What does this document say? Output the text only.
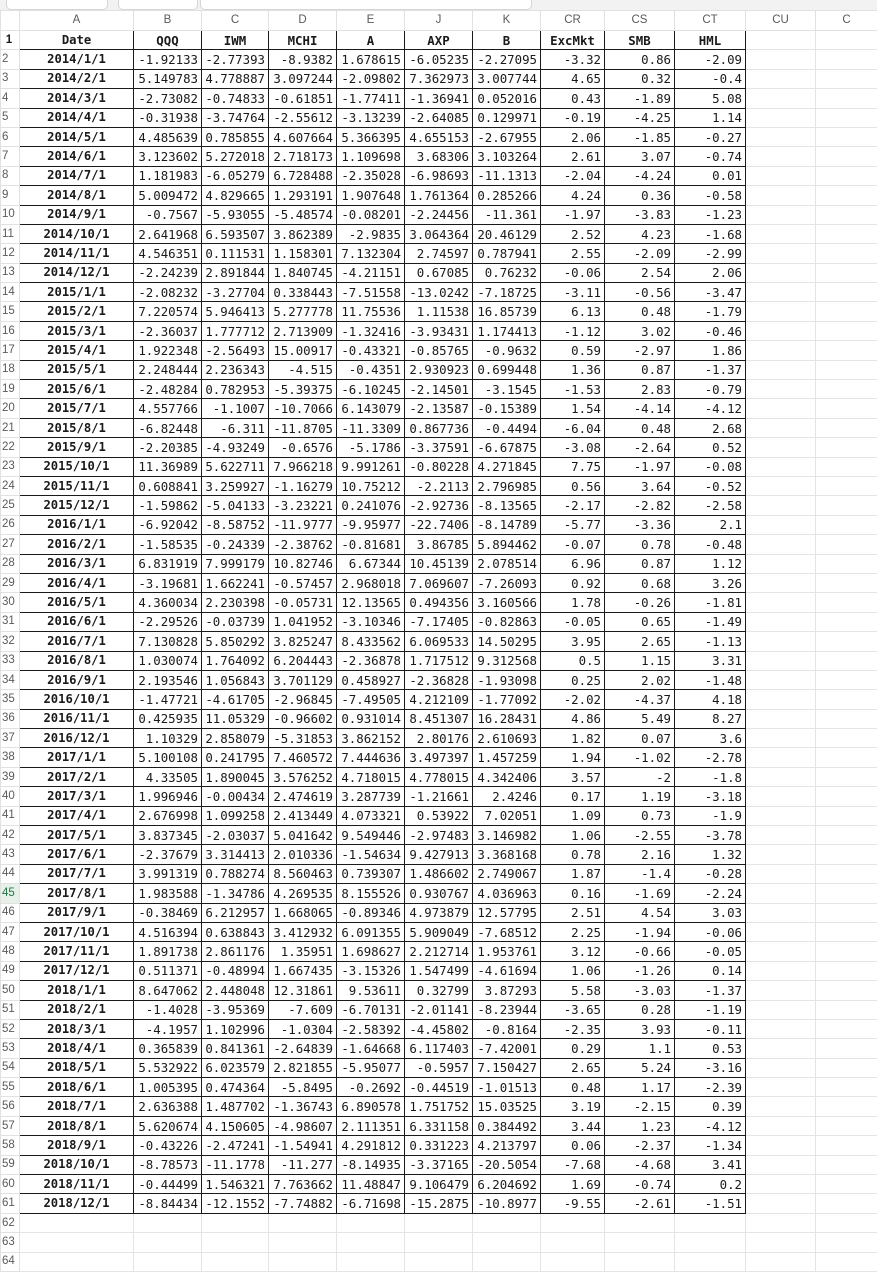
	A	B	C	D	E	J	K	CR	CS	CT	CU	C
1	Date	QQQ	IWM	MCHI	A	AXP	B	ExcMkt	SMB	HML		
2	2014/1/1	-1.92133	-2.77393	-8.9382	1.678615	-6.05235	-2.27095	-3.32	0.86	-2.09		
3	2014/2/1	5.149783	4.778887	3.097244	-2.09802	7.362973	3.007744	4.65	0.32	-0.4		
4	2014/3/1	-2.73082	-0.74833	-0.61851	-1.77411	-1.36941	0.052016	0.43	-1.89	5.08		
5	2014/4/1	-0.31938	-3.74764	-2.55612	-3.13239	-2.64085	0.129971	-0.19	-4.25	1.14		
6	2014/5/1	4.485639	0.785855	4.607664	5.366395	4.655153	-2.67955	2.06	-1.85	-0.27		
7	2014/6/1	3.123602	5.272018	2.718173	1.109698	3.68306	3.103264	2.61	3.07	-0.74		
8	2014/7/1	1.181983	-6.05279	6.728488	-2.35028	-6.98693	-11.1313	-2.04	-4.24	0.01		
9	2014/8/1	5.009472	4.829665	1.293191	1.907648	1.761364	0.285266	4.24	0.36	-0.58		
10	2014/9/1	-0.7567	-5.93055	-5.48574	-0.08201	-2.24456	-11.361	-1.97	-3.83	-1.23		
11	2014/10/1	2.641968	6.593507	3.862389	-2.9835	3.064364	20.46129	2.52	4.23	-1.68		
12	2014/11/1	4.546351	0.111531	1.158301	7.132304	2.74597	0.787941	2.55	-2.09	-2.99		
13	2014/12/1	-2.24239	2.891844	1.840745	-4.21151	0.67085	0.76232	-0.06	2.54	2.06		
14	2015/1/1	-2.08232	-3.27704	0.338443	-7.51558	-13.0242	-7.18725	-3.11	-0.56	-3.47		
15	2015/2/1	7.220574	5.946413	5.277778	11.75536	1.11538	16.85739	6.13	0.48	-1.79		
16	2015/3/1	-2.36037	1.777712	2.713909	-1.32416	-3.93431	1.174413	-1.12	3.02	-0.46		
17	2015/4/1	1.922348	-2.56493	15.00917	-0.43321	-0.85765	-0.9632	0.59	-2.97	1.86		
18	2015/5/1	2.248444	2.236343	-4.515	-0.4351	2.930923	0.699448	1.36	0.87	-1.37		
19	2015/6/1	-2.48284	0.782953	-5.39375	-6.10245	-2.14501	-3.1545	-1.53	2.83	-0.79		
20	2015/7/1	4.557766	-1.1007	-10.7066	6.143079	-2.13587	-0.15389	1.54	-4.14	-4.12		
21	2015/8/1	-6.82448	-6.311	-11.8705	-11.3309	0.867736	-0.4494	-6.04	0.48	2.68		
22	2015/9/1	-2.20385	-4.93249	-0.6576	-5.1786	-3.37591	-6.67875	-3.08	-2.64	0.52		
23	2015/10/1	11.36989	5.622711	7.966218	9.991261	-0.80228	4.271845	7.75	-1.97	-0.08		
24	2015/11/1	0.608841	3.259927	-1.16279	10.75212	-2.2113	2.796985	0.56	3.64	-0.52		
25	2015/12/1	-1.59862	-5.04133	-3.23221	0.241076	-2.92736	-8.13565	-2.17	-2.82	-2.58		
26	2016/1/1	-6.92042	-8.58752	-11.9777	-9.95977	-22.7406	-8.14789	-5.77	-3.36	2.1		
27	2016/2/1	-1.58535	-0.24339	-2.38762	-0.81681	3.86785	5.894462	-0.07	0.78	-0.48		
28	2016/3/1	6.831919	7.999179	10.82746	6.67344	10.45139	2.078514	6.96	0.87	1.12		
29	2016/4/1	-3.19681	1.662241	-0.57457	2.968018	7.069607	-7.26093	0.92	0.68	3.26		
30	2016/5/1	4.360034	2.230398	-0.05731	12.13565	0.494356	3.160566	1.78	-0.26	-1.81		
31	2016/6/1	-2.29526	-0.03739	1.041952	-3.10346	-7.17405	-0.82863	-0.05	0.65	-1.49		
32	2016/7/1	7.130828	5.850292	3.825247	8.433562	6.069533	14.50295	3.95	2.65	-1.13		
33	2016/8/1	1.030074	1.764092	6.204443	-2.36878	1.717512	9.312568	0.5	1.15	3.31		
34	2016/9/1	2.193546	1.056843	3.701129	0.458927	-2.36828	-1.93098	0.25	2.02	-1.48		
35	2016/10/1	-1.47721	-4.61705	-2.96845	-7.49505	4.212109	-1.77092	-2.02	-4.37	4.18		
36	2016/11/1	0.425935	11.05329	-0.96602	0.931014	8.451307	16.28431	4.86	5.49	8.27		
37	2016/12/1	1.10329	2.858079	-5.31853	3.862152	2.80176	2.610693	1.82	0.07	3.6		
38	2017/1/1	5.100108	0.241795	7.460572	7.444636	3.497397	1.457259	1.94	-1.02	-2.78		
39	2017/2/1	4.33505	1.890045	3.576252	4.718015	4.778015	4.342406	3.57	-2	-1.8		
40	2017/3/1	1.996946	-0.00434	2.474619	3.287739	-1.21661	2.4246	0.17	1.19	-3.18		
41	2017/4/1	2.676998	1.099258	2.413449	4.073321	0.53922	7.02051	1.09	0.73	-1.9		
42	2017/5/1	3.837345	-2.03037	5.041642	9.549446	-2.97483	3.146982	1.06	-2.55	-3.78		
43	2017/6/1	-2.37679	3.314413	2.010336	-1.54634	9.427913	3.368168	0.78	2.16	1.32		
44	2017/7/1	3.991319	0.788274	8.560463	0.739307	1.486602	2.749067	1.87	-1.4	-0.28		
45	2017/8/1	1.983588	-1.34786	4.269535	8.155526	0.930767	4.036963	0.16	-1.69	-2.24		
46	2017/9/1	-0.38469	6.212957	1.668065	-0.89346	4.973879	12.57795	2.51	4.54	3.03		
47	2017/10/1	4.516394	0.638843	3.412932	6.091355	5.909049	-7.68512	2.25	-1.94	-0.06		
48	2017/11/1	1.891738	2.861176	1.35951	1.698627	2.212714	1.953761	3.12	-0.66	-0.05		
49	2017/12/1	0.511371	-0.48994	1.667435	-3.15326	1.547499	-4.61694	1.06	-1.26	0.14		
50	2018/1/1	8.647062	2.448048	12.31861	9.53611	0.32799	3.87293	5.58	-3.03	-1.37		
51	2018/2/1	-1.4028	-3.95369	-7.609	-6.70131	-2.01141	-8.23944	-3.65	0.28	-1.19		
52	2018/3/1	-4.1957	1.102996	-1.0304	-2.58392	-4.45802	-0.8164	-2.35	3.93	-0.11		
53	2018/4/1	0.365839	0.841361	-2.64839	-1.64668	6.117403	-7.42001	0.29	1.1	0.53		
54	2018/5/1	5.532922	6.023579	2.821855	-5.95077	-0.5957	7.150427	2.65	5.24	-3.16		
55	2018/6/1	1.005395	0.474364	-5.8495	-0.2692	-0.44519	-1.01513	0.48	1.17	-2.39		
56	2018/7/1	2.636388	1.487702	-1.36743	6.890578	1.751752	15.03525	3.19	-2.15	0.39		
57	2018/8/1	5.620674	4.150605	-4.98607	2.111351	6.331158	0.384492	3.44	1.23	-4.12		
58	2018/9/1	-0.43226	-2.47241	-1.54941	4.291812	0.331223	4.213797	0.06	-2.37	-1.34		
59	2018/10/1	-8.78573	-11.1778	-11.277	-8.14935	-3.37165	-20.5054	-7.68	-4.68	3.41		
60	2018/11/1	-0.44499	1.546321	7.763662	11.48847	9.106479	6.204692	1.69	-0.74	0.2		
61	2018/12/1	-8.84434	-12.1552	-7.74882	-6.71698	-15.2875	-10.8977	-9.55	-2.61	-1.51		
62												
63												
64												
